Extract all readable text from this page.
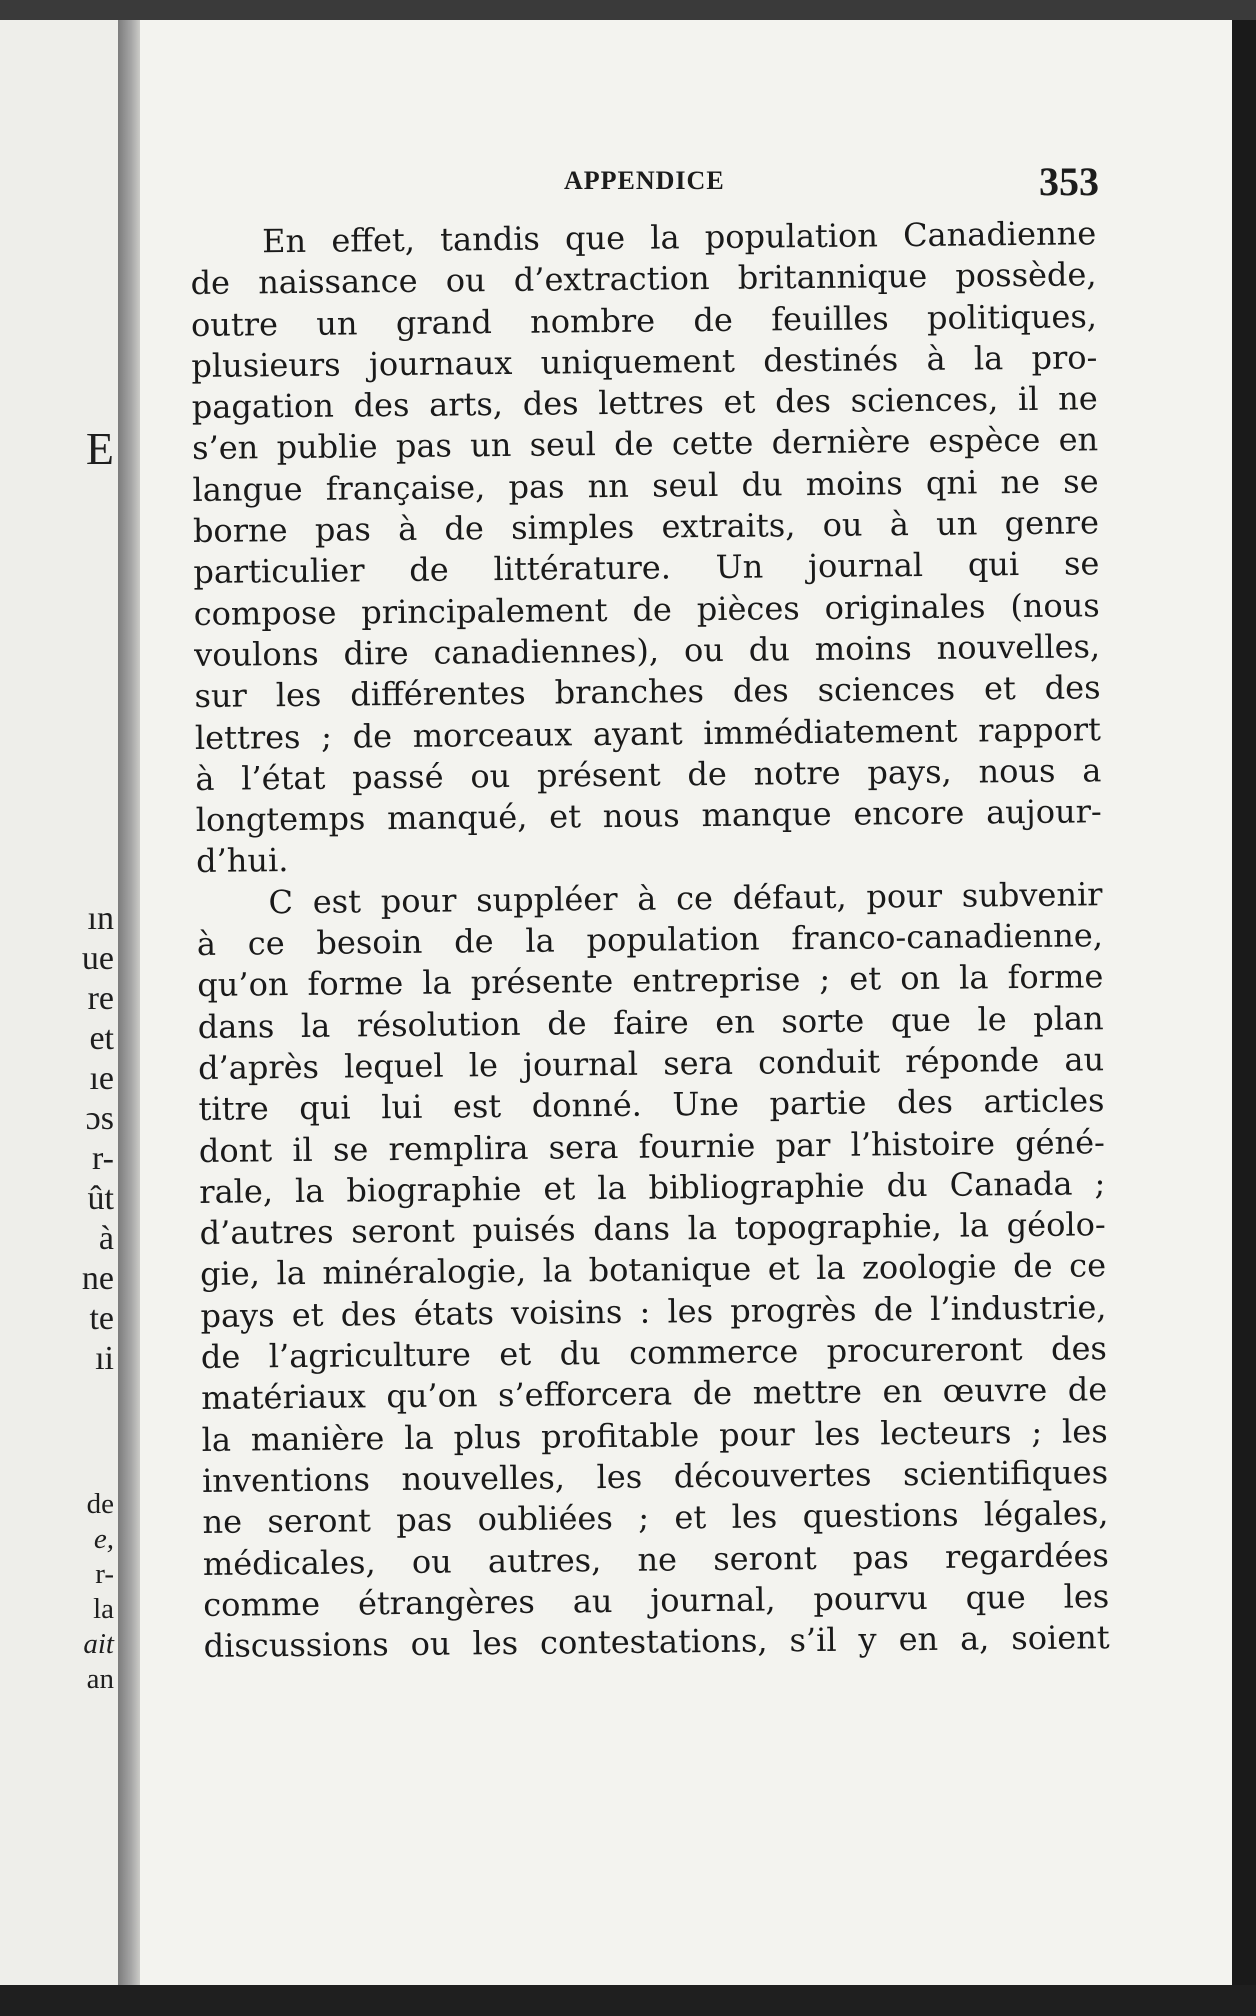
E
ın
ue
re
et
ıe
ɔs
r-
ût
à
ne
te
ıi
de
e,
r-
la
ait
an
APPENDICE	353
En effet, tandis que la population Canadienne
de naissance ou d’extraction britannique possède,
outre un grand nombre de feuilles politiques,
plusieurs journaux uniquement destinés à la pro-
pagation des arts, des lettres et des sciences, il ne
s’en publie pas un seul de cette dernière espèce en
langue française, pas nn seul du moins qni ne se
borne pas à de simples extraits, ou à un genre
particulier de littérature. Un journal qui se
compose principalement de pièces originales (nous
voulons dire canadiennes), ou du moins nouvelles,
sur les différentes branches des sciences et des
lettres ; de morceaux ayant immédiatement rapport
à l’état passé ou présent de notre pays, nous a
longtemps manqué, et nous manque encore aujour-
d’hui.
C est pour suppléer à ce défaut, pour subvenir
à ce besoin de la population franco-canadienne,
qu’on forme la présente entreprise ; et on la forme
dans la résolution de faire en sorte que le plan
d’après lequel le journal sera conduit réponde au
titre qui lui est donné. Une partie des articles
dont il se remplira sera fournie par l’histoire géné-
rale, la biographie et la bibliographie du Canada ;
d’autres seront puisés dans la topographie, la géolo-
gie, la minéralogie, la botanique et la zoologie de ce
pays et des états voisins : les progrès de l’industrie,
de l’agriculture et du commerce procureront des
matériaux qu’on s’efforcera de mettre en œuvre de
la manière la plus profitable pour les lecteurs ; les
inventions nouvelles, les découvertes scientifiques
ne seront pas oubliées ; et les questions légales,
médicales, ou autres, ne seront pas regardées
comme étrangères au journal, pourvu que les
discussions ou les contestations, s’il y en a, soient
